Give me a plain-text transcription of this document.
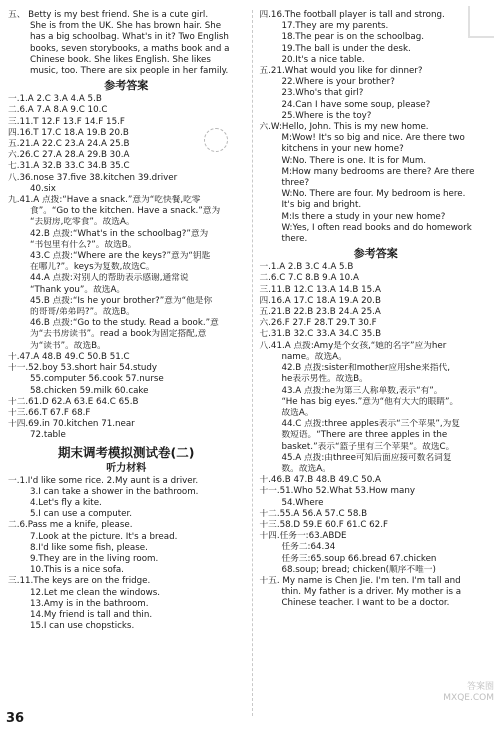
五、 Betty is my best friend. She is a cute girl.
She is from the UK. She has brown hair. She
has a big schoolbag. What's in it? Two English
books, seven storybooks, a maths book and a
Chinese book. She likes English. She likes
music, too. There are six people in her family.
参考答案
一.1.A 2.C 3.A 4.A 5.B
二.6.A 7.A 8.A 9.C 10.C
三.11.T 12.F 13.F 14.F 15.F
四.16.T 17.C 18.A 19.B 20.B
五.21.A 22.C 23.A 24.A 25.B
六.26.C 27.A 28.A 29.B 30.A
七.31.A 32.B 33.C 34.B 35.C
八.36.nose 37.five 38.kitchen 39.driver
40.six
九.41.A 点拨:“Have a snack.”意为“吃快餐,吃零
食”。“Go to the kitchen. Have a snack.”意为
“去厨房,吃零食”。故选A。
42.B 点拨:“What's in the schoolbag?”意为
“书包里有什么?”。故选B。
43.C 点拨:“Where are the keys?”意为“钥匙
在哪儿?”。keys为复数,故选C。
44.A 点拨:对别人的帮助表示感谢,通常说
“Thank you”。故选A。
45.B 点拨:“Is he your brother?”意为“他是你
的哥哥/弟弟吗?”。故选B。
46.B 点拨:“Go to the study. Read a book.”意
为“去书房读书”。read a book为固定搭配,意
为“读书”。故选B。
十.47.A 48.B 49.C 50.B 51.C
十一.52.boy 53.short hair 54.study
55.computer 56.cook 57.nurse
58.chicken 59.milk 60.cake
十二.61.D 62.A 63.E 64.C 65.B
十三.66.T 67.F 68.F
十四.69.in 70.kitchen 71.near
72.table
期末调考模拟测试卷(二)
听力材料
一.1.I'd like some rice. 2.My aunt is a driver.
3.I can take a shower in the bathroom.
4.Let's fly a kite.
5.I can use a computer.
二.6.Pass me a knife, please.
7.Look at the picture. It's a bread.
8.I'd like some fish, please.
9.They are in the living room.
10.This is a nice sofa.
三.11.The keys are on the fridge.
12.Let me clean the windows.
13.Amy is in the bathroom.
14.My friend is tall and thin.
15.I can use chopsticks.
四.16.The football player is tall and strong.
17.They are my parents.
18.The pear is on the schoolbag.
19.The ball is under the desk.
20.It's a nice table.
五.21.What would you like for dinner?
22.Where is your brother?
23.Who's that girl?
24.Can I have some soup, please?
25.Where is the toy?
六.W:Hello, John. This is my new home.
M:Wow! It's so big and nice. Are there two
kitchens in your new home?
W:No. There is one. It is for Mum.
M:How many bedrooms are there? Are there
three?
W:No. There are four. My bedroom is here.
It's big and bright.
M:Is there a study in your new home?
W:Yes, I often read books and do homework
there.
参考答案
一.1.A 2.B 3.C 4.A 5.B
二.6.C 7.C 8.B 9.A 10.A
三.11.B 12.C 13.A 14.B 15.A
四.16.A 17.C 18.A 19.A 20.B
五.21.B 22.B 23.B 24.A 25.A
六.26.F 27.F 28.T 29.T 30.F
七.31.B 32.C 33.A 34.C 35.B
八.41.A 点拨:Amy是个女孩,“她的名字”应为her
name。故选A。
42.B 点拨:sister和mother应用she来指代,
he表示男性。故选B。
43.A 点拨:he为第三人称单数,表示“有”。
“He has big eyes.”意为“他有大大的眼睛”。
故选A。
44.C 点拨:three apples表示“三个苹果”,为复
数短语。“There are three apples in the
basket.”表示“篮子里有三个苹果”。故选C。
45.A 点拨:由three可知后面应接可数名词复
数。故选A。
十.46.B 47.B 48.B 49.C 50.A
十一.51.Who 52.What 53.How many
54.Where
十二.55.A 56.A 57.C 58.B
十三.58.D 59.E 60.F 61.C 62.F
十四.任务一:63.ABDE
任务二:64.34
任务三:65.soup 66.bread 67.chicken
68.soup; bread; chicken(顺序不唯一)
十五. My name is Chen Jie. I'm ten. I'm tall and
thin. My father is a driver. My mother is a
Chinese teacher. I want to be a doctor.
36
答案圈
MXQE.COM
